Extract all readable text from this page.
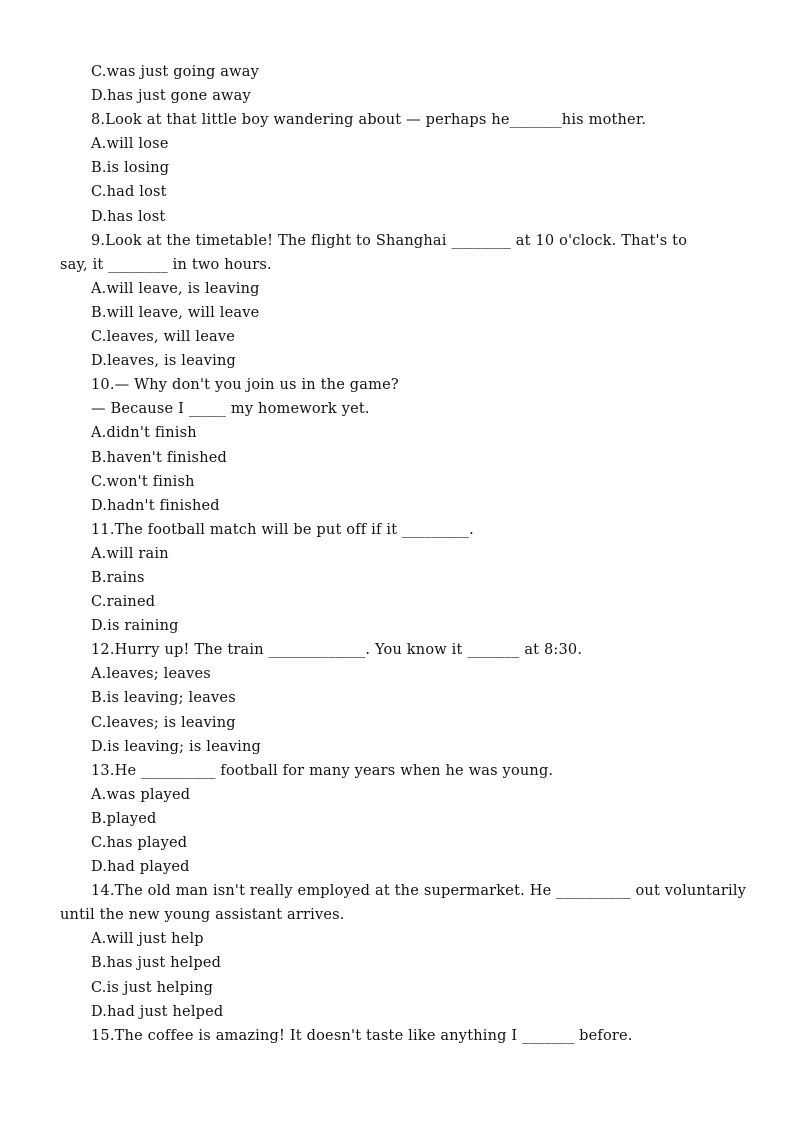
C.was just going away
D.has just gone away
8.Look at that little boy wandering about — perhaps he_______his mother.
A.will lose
B.is losing
C.had lost
D.has lost
9.Look at the timetable! The flight to Shanghai ________ at 10 o'clock. That's to
say, it ________ in two hours.
A.will leave, is leaving
B.will leave, will leave
C.leaves, will leave
D.leaves, is leaving
10.— Why don't you join us in the game?
— Because I _____ my homework yet.
A.didn't finish
B.haven't finished
C.won't finish
D.hadn't finished
11.The football match will be put off if it _________.
A.will rain
B.rains
C.rained
D.is raining
12.Hurry up! The train _____________. You know it _______ at 8:30.
A.leaves; leaves
B.is leaving; leaves
C.leaves; is leaving
D.is leaving; is leaving
13.He __________ football for many years when he was young.
A.was played
B.played
C.has played
D.had played
14.The old man isn't really employed at the supermarket. He __________ out voluntarily
until the new young assistant arrives.
A.will just help
B.has just helped
C.is just helping
D.had just helped
15.The coffee is amazing! It doesn't taste like anything I _______ before.
